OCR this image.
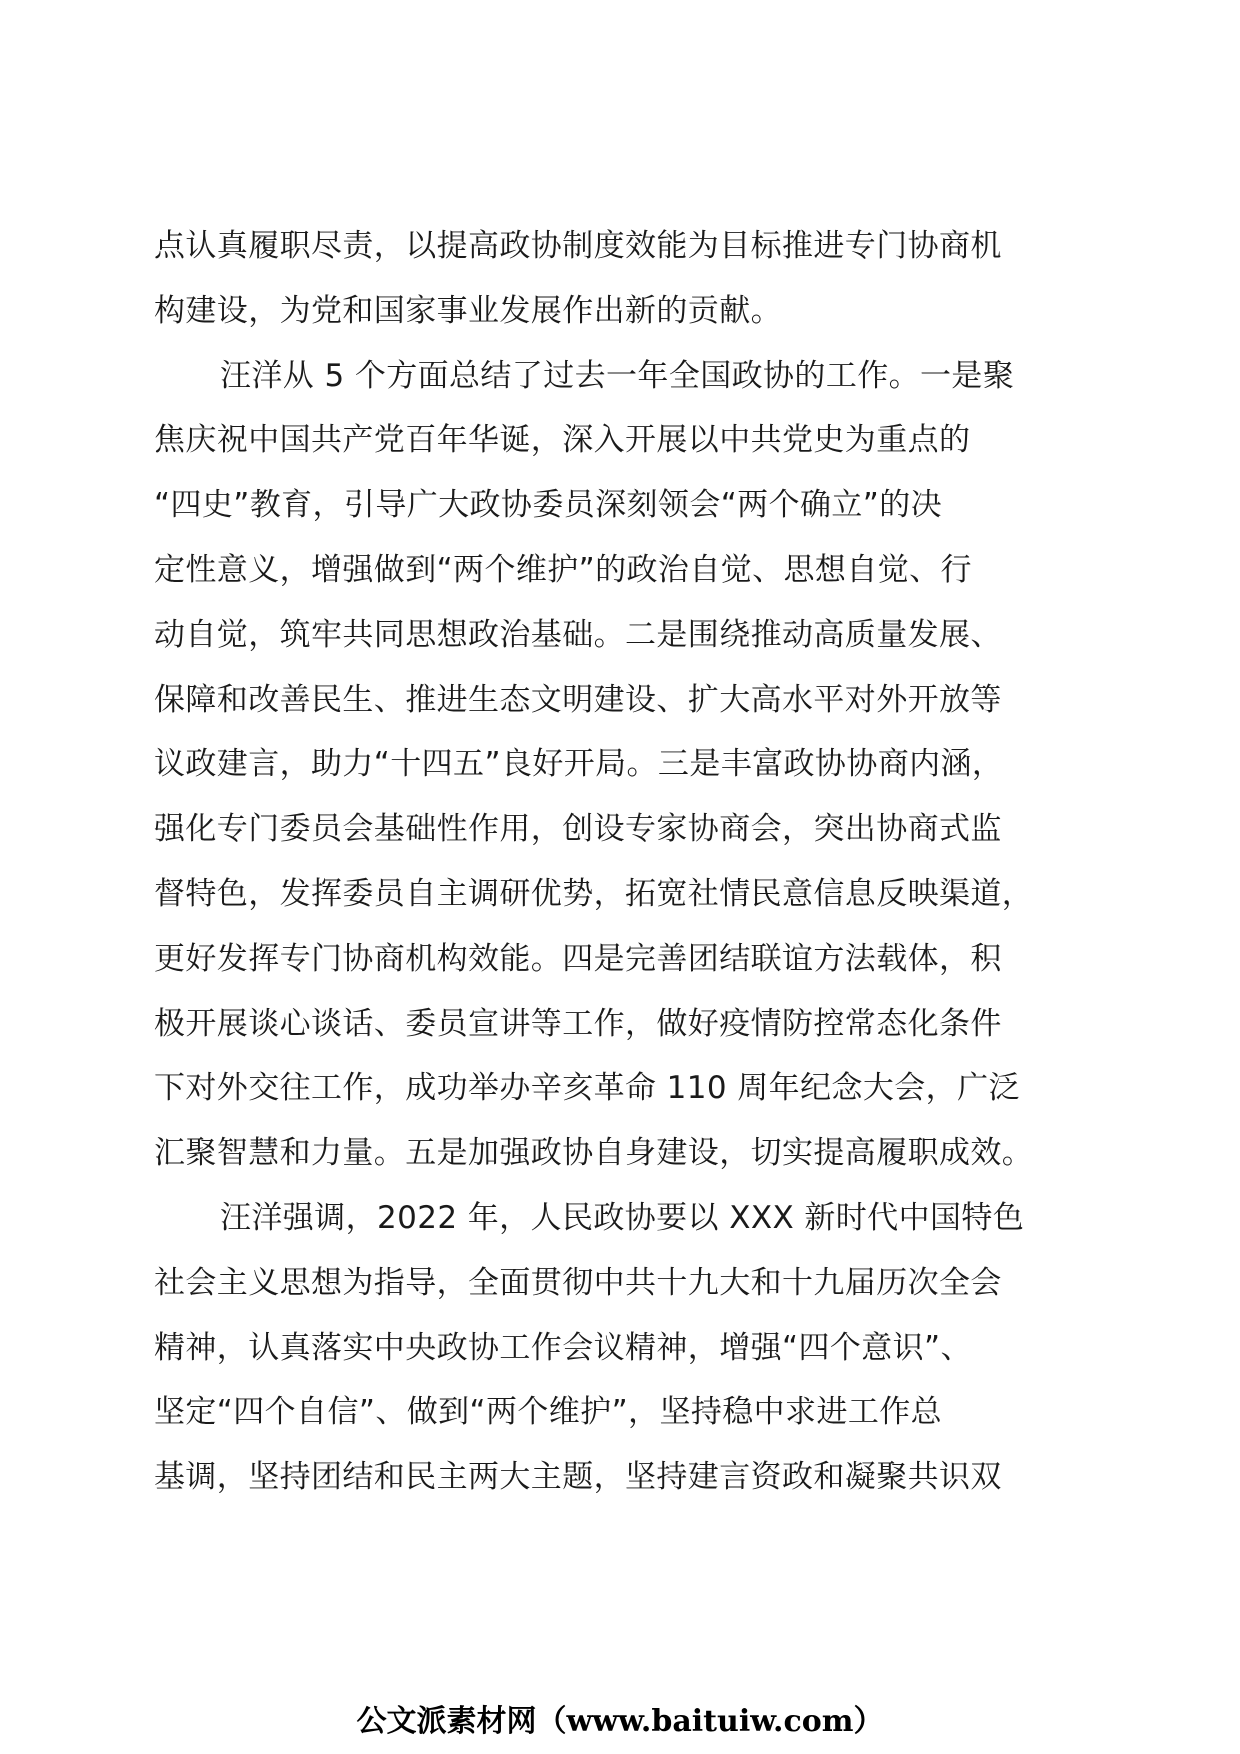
点认真履职尽责，以提高政协制度效能为目标推进专门协商机
构建设，为党和国家事业发展作出新的贡献。
汪洋从 5 个方面总结了过去一年全国政协的工作。一是聚
焦庆祝中国共产党百年华诞，深入开展以中共党史为重点的
“四史”教育，引导广大政协委员深刻领会“两个确立”的决
定性意义，增强做到“两个维护”的政治自觉、思想自觉、行
动自觉，筑牢共同思想政治基础。二是围绕推动高质量发展、
保障和改善民生、推进生态文明建设、扩大高水平对外开放等
议政建言，助力“十四五”良好开局。三是丰富政协协商内涵，
强化专门委员会基础性作用，创设专家协商会，突出协商式监
督特色，发挥委员自主调研优势，拓宽社情民意信息反映渠道，
更好发挥专门协商机构效能。四是完善团结联谊方法载体，积
极开展谈心谈话、委员宣讲等工作，做好疫情防控常态化条件
下对外交往工作，成功举办辛亥革命 110 周年纪念大会，广泛
汇聚智慧和力量。五是加强政协自身建设，切实提高履职成效。
汪洋强调，2022 年，人民政协要以 XXX 新时代中国特色
社会主义思想为指导，全面贯彻中共十九大和十九届历次全会
精神，认真落实中央政协工作会议精神，增强“四个意识”、
坚定“四个自信”、做到“两个维护”，坚持稳中求进工作总
基调，坚持团结和民主两大主题，坚持建言资政和凝聚共识双
公文派素材网（www.baituiw.com）
